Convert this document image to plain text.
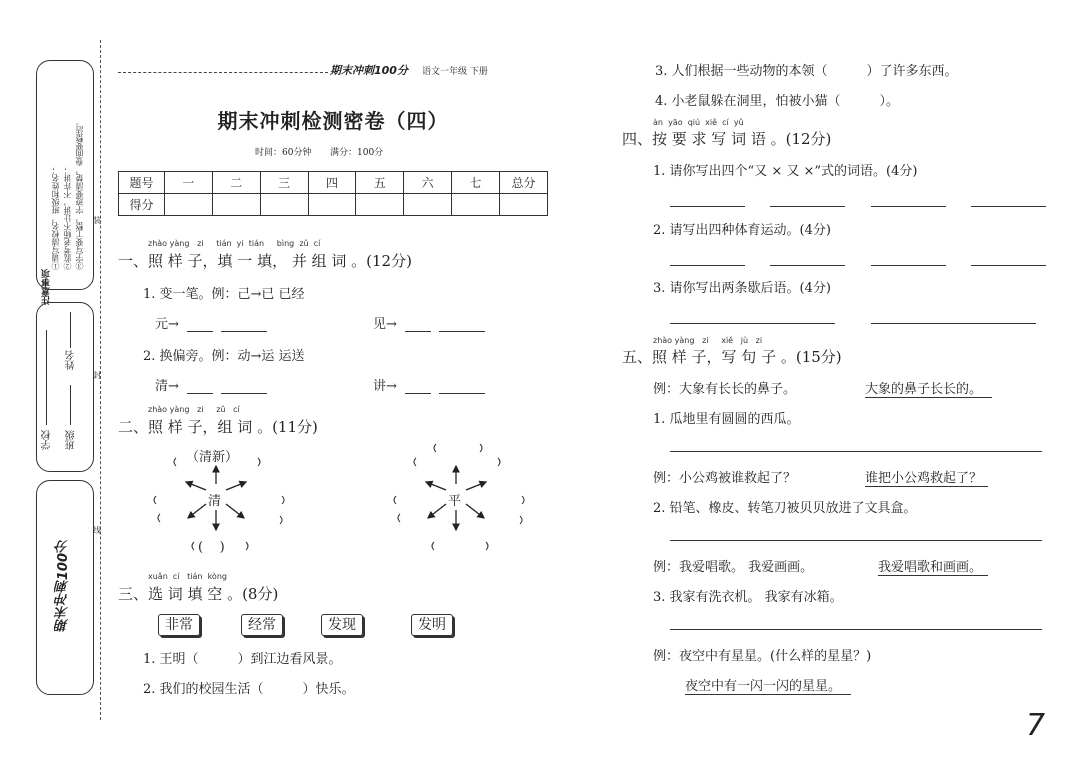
注意事项
①请写清校名，班级和姓名； ②监考老师不让讲，不许讲； ③字写要工整，字迹要清楚，卷面要整洁。
学校 班级
姓名
期末冲刺100分
装
封
线
期末冲刺100分 语文一年级 下册
期末冲刺检测密卷（四）
时间：60分钟 满分：100分
题号	一	二	三	四	五	六	七	总分
得分								
zhào yàng zi tián yi tián bìng zǔ cí
一、照 样 子，填 一 填， 并 组 词 。(12分)
1. 变一笔。例：己→已 已经
元→	见→
2. 换偏旁。例：动→运 运送
清→	讲→
zhào yàng zi zǔ cí
二、照 样 子，组 词 。(11分)
（清新）
清
(    )
平
xuǎn cí tián kòng
三、选 词 填 空 。(8分)
非常	经常	发现	发明
1. 王明（　　　）到江边看风景。
2. 我们的校园生活（　　　）快乐。
3. 人们根据一些动物的本领（　　　）了许多东西。
4. 小老鼠躲在洞里，怕被小猫（　　　）。
àn yāo qiú xiě cí yǔ
四、按 要 求 写 词 语 。(12分)
1. 请你写出四个“又 × 又 ×”式的词语。(4分)

2. 请写出四种体育运动。(4分)

3. 请你写出两条歇后语。(4分)

zhào yàng zi xiě jù zi
五、照 样 子，写 句 子 。(15分)
例：大象有长长的鼻子。	大象的鼻子长长的。
1. 瓜地里有圆圆的西瓜。
例：小公鸡被谁救起了？	谁把小公鸡救起了？
2. 铅笔、橡皮、转笔刀被贝贝放进了文具盒。
例：我爱唱歌。 我爱画画。	我爱唱歌和画画。
3. 我家有洗衣机。 我家有冰箱。
例：夜空中有星星。(什么样的星星？)
夜空中有一闪一闪的星星。
7
